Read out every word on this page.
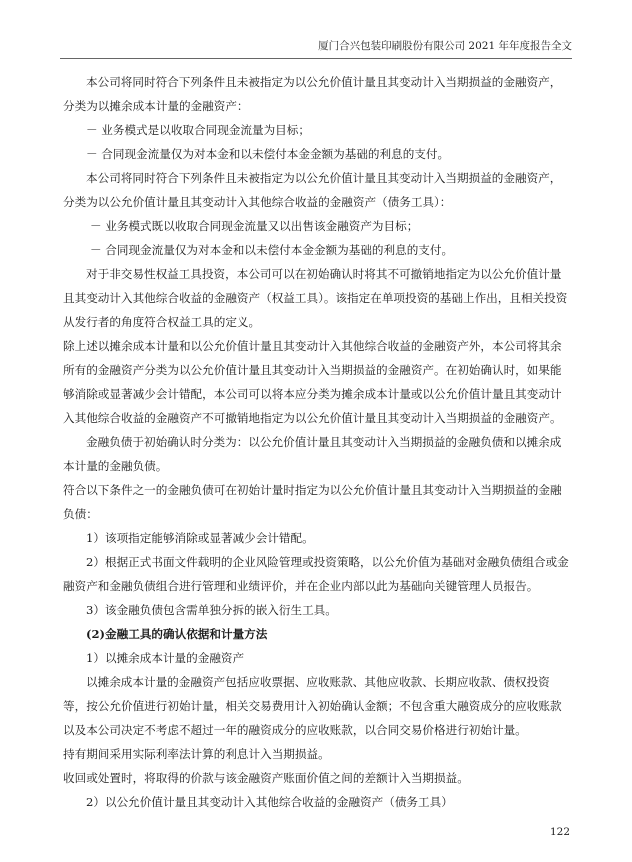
厦门合兴包装印刷股份有限公司 2021 年年度报告全文

本公司将同时符合下列条件且未被指定为以公允价值计量且其变动计入当期损益的金融资产，分类为以摊余成本计量的金融资产：

－ 业务模式是以收取合同现金流量为目标；

－ 合同现金流量仅为对本金和以未偿付本金金额为基础的利息的支付。

本公司将同时符合下列条件且未被指定为以公允价值计量且其变动计入当期损益的金融资产，分类为以公允价值计量且其变动计入其他综合收益的金融资产（债务工具）：

－ 业务模式既以收取合同现金流量又以出售该金融资产为目标；

－ 合同现金流量仅为对本金和以未偿付本金金额为基础的利息的支付。

对于非交易性权益工具投资，本公司可以在初始确认时将其不可撤销地指定为以公允价值计量且其变动计入其他综合收益的金融资产（权益工具）。该指定在单项投资的基础上作出，且相关投资从发行者的角度符合权益工具的定义。

除上述以摊余成本计量和以公允价值计量且其变动计入其他综合收益的金融资产外，本公司将其余所有的金融资产分类为以公允价值计量且其变动计入当期损益的金融资产。在初始确认时，如果能够消除或显著减少会计错配，本公司可以将本应分类为摊余成本计量或以公允价值计量且其变动计入其他综合收益的金融资产不可撤销地指定为以公允价值计量且其变动计入当期损益的金融资产。

金融负债于初始确认时分类为：以公允价值计量且其变动计入当期损益的金融负债和以摊余成本计量的金融负债。

符合以下条件之一的金融负债可在初始计量时指定为以公允价值计量且其变动计入当期损益的金融负债：

1）该项指定能够消除或显著减少会计错配。

2）根据正式书面文件载明的企业风险管理或投资策略，以公允价值为基础对金融负债组合或金融资产和金融负债组合进行管理和业绩评价，并在企业内部以此为基础向关键管理人员报告。

3）该金融负债包含需单独分拆的嵌入衍生工具。

(2)金融工具的确认依据和计量方法

1）以摊余成本计量的金融资产

以摊余成本计量的金融资产包括应收票据、应收账款、其他应收款、长期应收款、债权投资等，按公允价值进行初始计量，相关交易费用计入初始确认金额；不包含重大融资成分的应收账款以及本公司决定不考虑不超过一年的融资成分的应收账款，以合同交易价格进行初始计量。

持有期间采用实际利率法计算的利息计入当期损益。

收回或处置时，将取得的价款与该金融资产账面价值之间的差额计入当期损益。

2）以公允价值计量且其变动计入其他综合收益的金融资产（债务工具）

122
